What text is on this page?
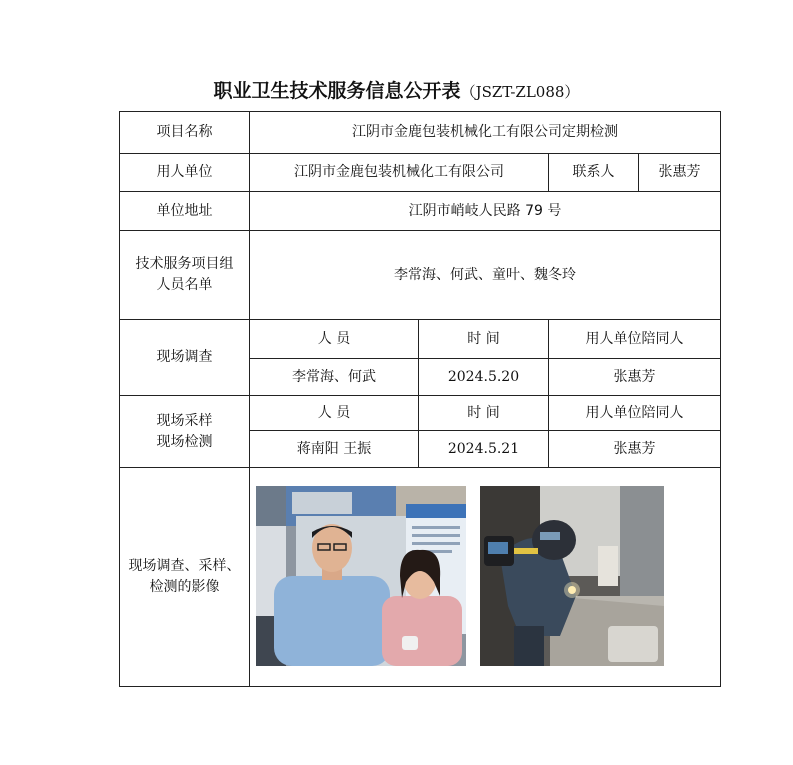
职业卫生技术服务信息公开表（JSZT-ZL088）
项目名称	江阴市金鹿包装机械化工有限公司定期检测			
用人单位	江阴市金鹿包装机械化工有限公司		联系人	张惠芳
单位地址	江阴市峭岐人民路 79 号			
技术服务项目组
人员名单	李常海、何武、童叶、魏冬玲			
现场调查	人 员	时 间	用人单位陪同人	
	李常海、何武	2024.5.20	张惠芳	
现场采样
现场检测	人 员	时 间	用人单位陪同人	
	蒋南阳 王振	2024.5.21	张惠芳	
现场调查、采样、
检测的影像				
